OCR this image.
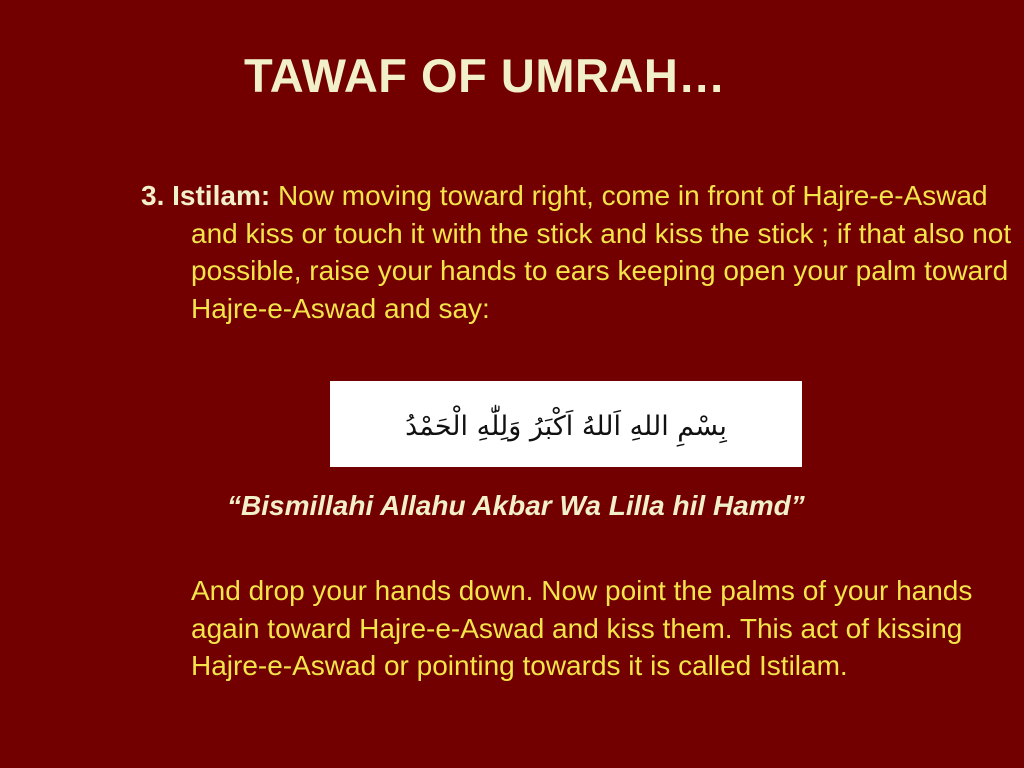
TAWAF OF UMRAH…
3. Istilam: Now moving toward right, come in front of Hajre-e-Aswad and kiss or touch it with the stick and kiss the stick ; if that also not possible, raise your hands to ears keeping open your palm toward Hajre-e-Aswad and say:
بِسْمِ اللهِ اَللهُ اَكْبَرُ وَلِلّٰهِ الْحَمْدُ
“Bismillahi Allahu Akbar Wa Lilla hil Hamd”
And drop your hands down. Now point the palms of your hands again toward Hajre-e-Aswad and kiss them. This act of kissing Hajre-e-Aswad or pointing towards it is called Istilam.
